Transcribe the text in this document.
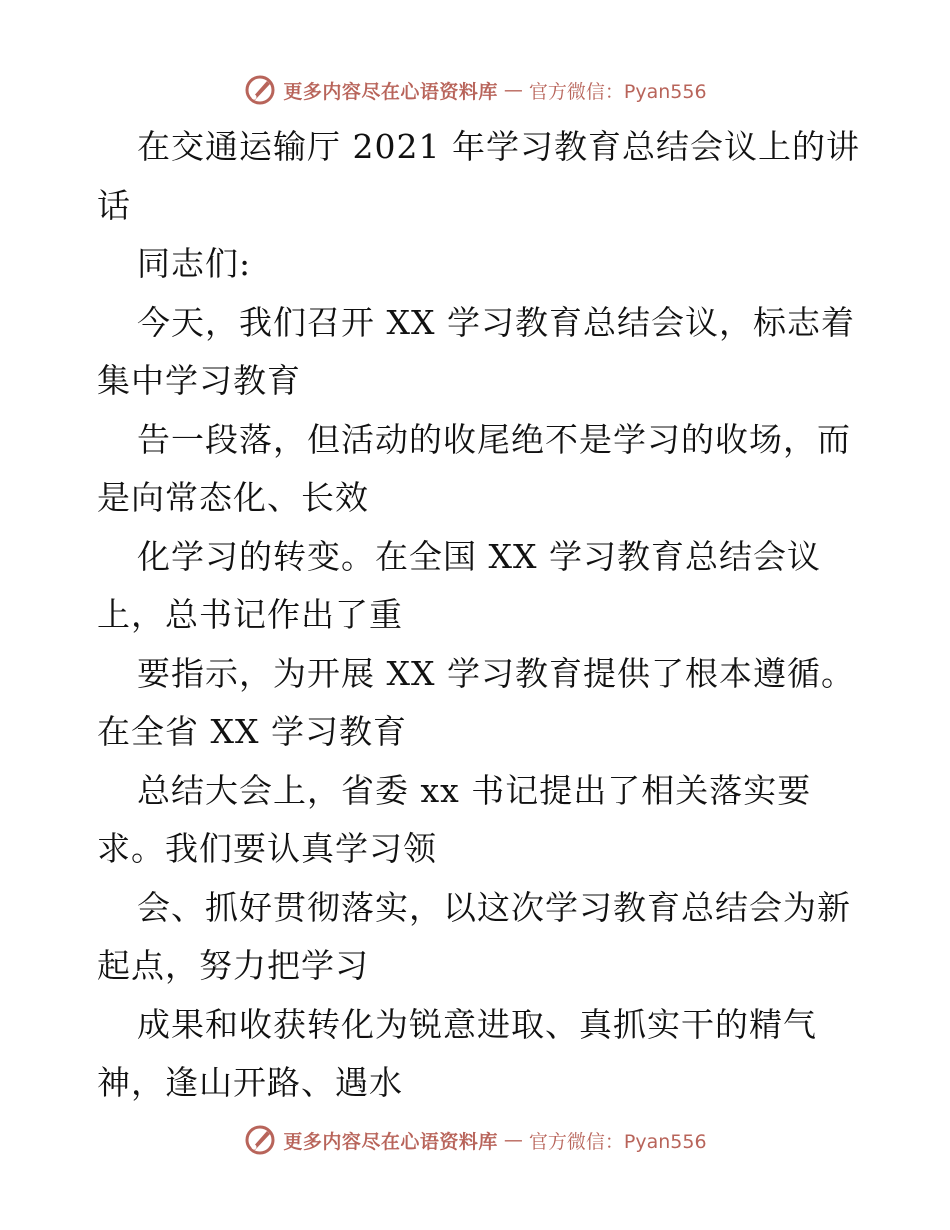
更多内容尽在心语资料库 — 官方微信：Pyan556
在交通运输厅 2021 年学习教育总结会议上的讲
话
同志们:
今天，我们召开 XX 学习教育总结会议，标志着
集中学习教育
告一段落，但活动的收尾绝不是学习的收场，而
是向常态化、长效
化学习的转变。在全国 XX 学习教育总结会议
上，总书记作出了重
要指示，为开展 XX 学习教育提供了根本遵循。
在全省 XX 学习教育
总结大会上，省委 xx 书记提出了相关落实要
求。我们要认真学习领
会、抓好贯彻落实，以这次学习教育总结会为新
起点，努力把学习
成果和收获转化为锐意进取、真抓实干的精气
神，逢山开路、遇水
更多内容尽在心语资料库 — 官方微信：Pyan556
